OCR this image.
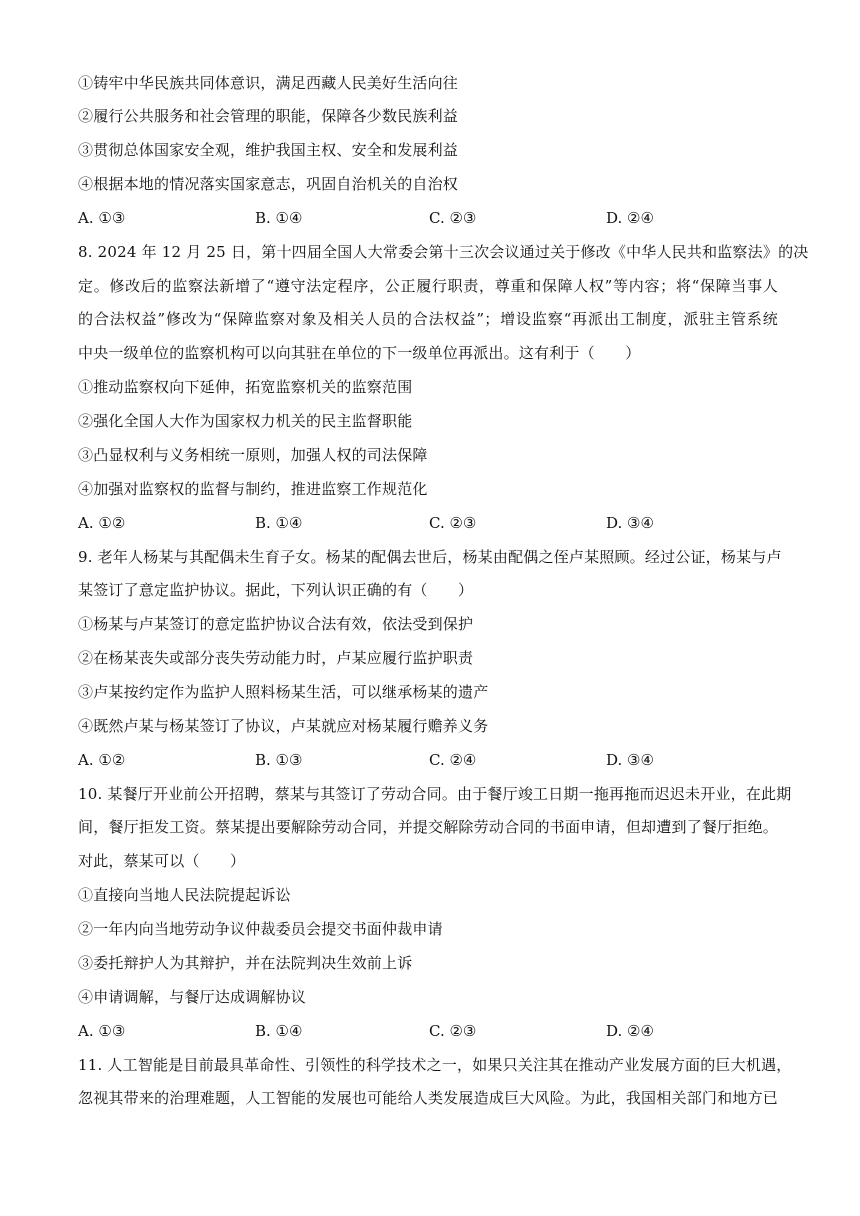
①铸牢中华民族共同体意识，满足西藏人民美好生活向往
②履行公共服务和社会管理的职能，保障各少数民族利益
③贯彻总体国家安全观，维护我国主权、安全和发展利益
④根据本地的情况落实国家意志，巩固自治机关的自治权
A. ①③	B. ①④	C. ②③	D. ②④
8. 2024 年 12 月 25 日，第十四届全国人大常委会第十三次会议通过关于修改《中华人民共和监察法》的决
定。修改后的监察法新增了“遵守法定程序，公正履行职责，尊重和保障人权”等内容；将“保障当事人
的合法权益”修改为“保障监察对象及相关人员的合法权益”；增设监察“再派出工制度，派驻主管系统
中央一级单位的监察机构可以向其驻在单位的下一级单位再派出。这有利于（　　）
①推动监察权向下延伸，拓宽监察机关的监察范围
②强化全国人大作为国家权力机关的民主监督职能
③凸显权利与义务相统一原则，加强人权的司法保障
④加强对监察权的监督与制约，推进监察工作规范化
A. ①②	B. ①④	C. ②③	D. ③④
9. 老年人杨某与其配偶未生育子女。杨某的配偶去世后，杨某由配偶之侄卢某照顾。经过公证，杨某与卢
某签订了意定监护协议。据此，下列认识正确的有（　　）
①杨某与卢某签订的意定监护协议合法有效，依法受到保护
②在杨某丧失或部分丧失劳动能力时，卢某应履行监护职责
③卢某按约定作为监护人照料杨某生活，可以继承杨某的遗产
④既然卢某与杨某签订了协议，卢某就应对杨某履行赡养义务
A. ①②	B. ①③	C. ②④	D. ③④
10. 某餐厅开业前公开招聘，蔡某与其签订了劳动合同。由于餐厅竣工日期一拖再拖而迟迟未开业，在此期
间，餐厅拒发工资。蔡某提出要解除劳动合同，并提交解除劳动合同的书面申请，但却遭到了餐厅拒绝。
对此，蔡某可以（　　）
①直接向当地人民法院提起诉讼
②一年内向当地劳动争议仲裁委员会提交书面仲裁申请
③委托辩护人为其辩护，并在法院判决生效前上诉
④申请调解，与餐厅达成调解协议
A. ①③	B. ①④	C. ②③	D. ②④
11. 人工智能是目前最具革命性、引领性的科学技术之一，如果只关注其在推动产业发展方面的巨大机遇，
忽视其带来的治理难题，人工智能的发展也可能给人类发展造成巨大风险。为此，我国相关部门和地方已
